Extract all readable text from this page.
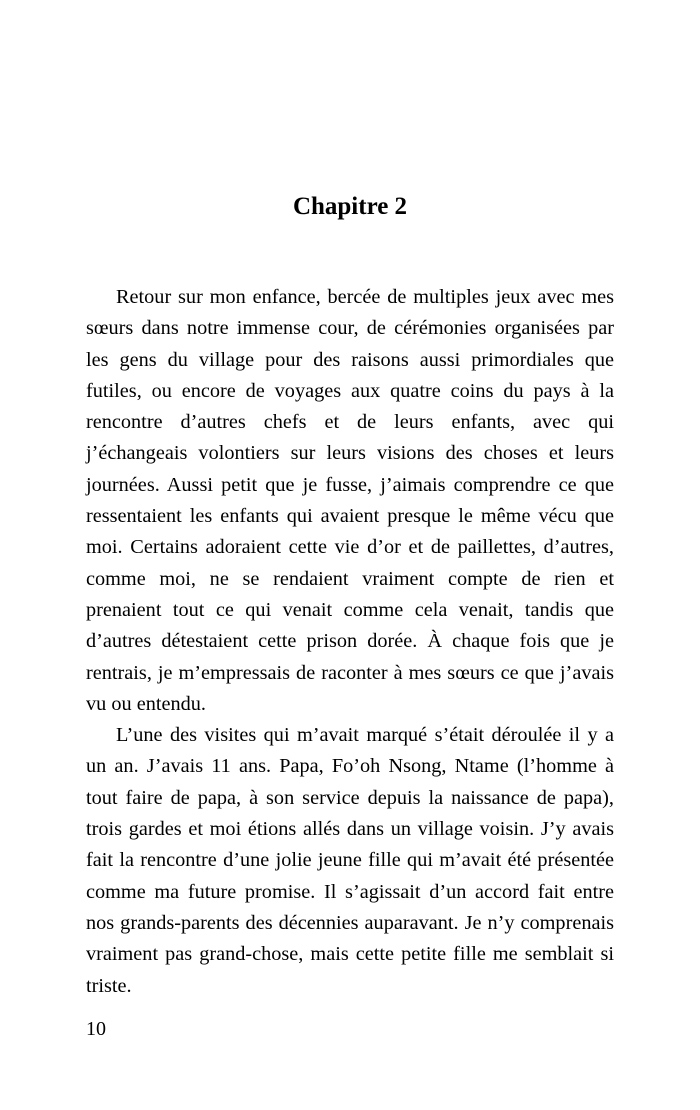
Chapitre 2

Retour sur mon enfance, bercée de multiples jeux avec mes sœurs dans notre immense cour, de cérémonies organisées par les gens du village pour des raisons aussi primordiales que futiles, ou encore de voyages aux quatre coins du pays à la rencontre d’autres chefs et de leurs enfants, avec qui j’échangeais volontiers sur leurs visions des choses et leurs journées. Aussi petit que je fusse, j’aimais comprendre ce que ressentaient les enfants qui avaient presque le même vécu que moi. Certains adoraient cette vie d’or et de paillettes, d’autres, comme moi, ne se rendaient vraiment compte de rien et prenaient tout ce qui venait comme cela venait, tandis que d’autres détestaient cette prison dorée. À chaque fois que je rentrais, je m’empressais de raconter à mes sœurs ce que j’avais vu ou entendu.

L’une des visites qui m’avait marqué s’était déroulée il y a un an. J’avais 11 ans. Papa, Fo’oh Nsong, Ntame (l’homme à tout faire de papa, à son service depuis la naissance de papa), trois gardes et moi étions allés dans un village voisin. J’y avais fait la rencontre d’une jolie jeune fille qui m’avait été présentée comme ma future promise. Il s’agissait d’un accord fait entre nos grands-parents des décennies auparavant. Je n’y comprenais vraiment pas grand-chose, mais cette petite fille me semblait si triste.

10
